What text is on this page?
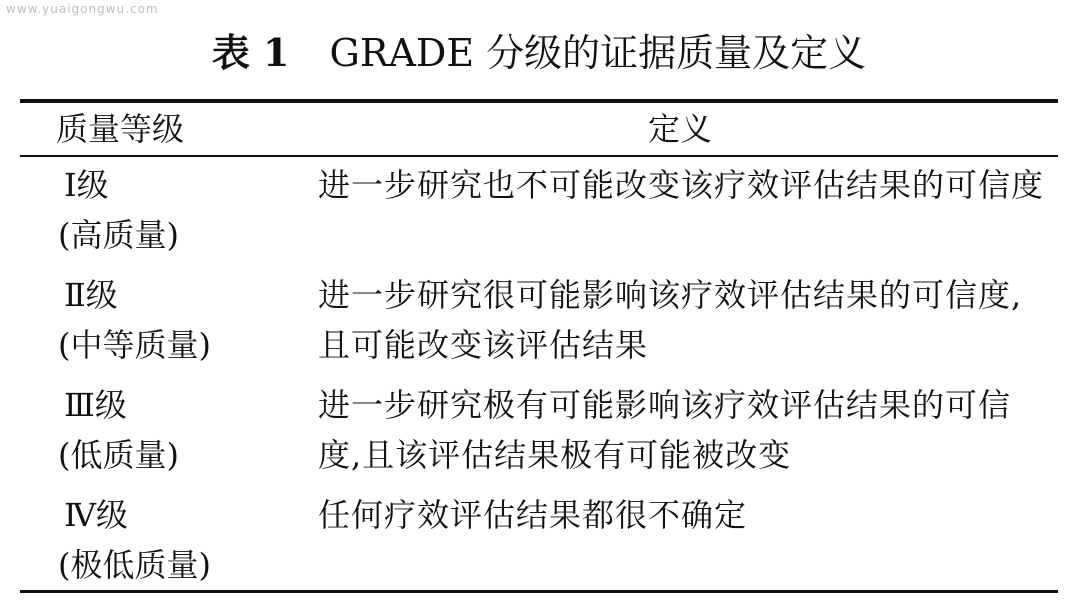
www.yuaigongwu.com
表 1 GRADE 分级的证据质量及定义
质量等级	定义
Ⅰ级
(高质量)
进一步研究也不可能改变该疗效评估结果的可信度
Ⅱ级
(中等质量)
进一步研究很可能影响该疗效评估结果的可信度,且可能改变该评估结果
Ⅲ级
(低质量)
进一步研究极有可能影响该疗效评估结果的可信度,且该评估结果极有可能被改变
Ⅳ级
(极低质量)
任何疗效评估结果都很不确定
